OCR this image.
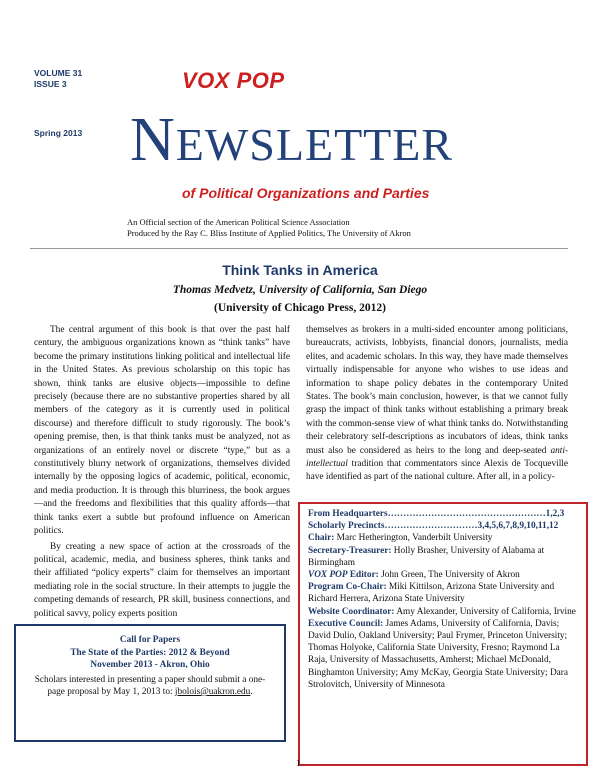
VOLUME 31
ISSUE 3
Spring 2013
VOX POP
NEWSLETTER
of Political Organizations and Parties
An Official section of the American Political Science Association
Produced by the Ray C. Bliss Institute of Applied Politics, The University of Akron
Think Tanks in America
Thomas Medvetz, University of California, San Diego
(University of Chicago Press, 2012)

The central argument of this book is that over the past half century, the ambiguous organizations known as “think tanks” have become the primary institutions linking political and intellectual life in the United States. As previous scholarship on this topic has shown, think tanks are elusive objects—impossible to define precisely (because there are no substantive properties shared by all members of the category as it is currently used in political discourse) and therefore difficult to study rigorously. The book’s opening premise, then, is that think tanks must be analyzed, not as organizations of an entirely novel or discrete “type,” but as a constitutively blurry network of organizations, themselves divided internally by the opposing logics of academic, political, economic, and media production. It is through this blurriness, the book argues—and the freedoms and flexibilities that this quality affords—that think tanks exert a subtle but profound influence on American politics.

By creating a new space of action at the crossroads of the political, academic, media, and business spheres, think tanks and their affiliated “policy experts” claim for themselves an important mediating role in the social structure. In their attempts to juggle the competing demands of research, PR skill, business connections, and political savvy, policy experts position

themselves as brokers in a multi-sided encounter among politicians, bureaucrats, activists, lobbyists, financial donors, journalists, media elites, and academic scholars. In this way, they have made themselves virtually indispensable for anyone who wishes to use ideas and information to shape policy debates in the contemporary United States. The book’s main conclusion, however, is that we cannot fully grasp the impact of think tanks without establishing a primary break with the common-sense view of what think tanks do. Notwithstanding their celebratory self-descriptions as incubators of ideas, think tanks must also be considered as heirs to the long and deep-seated anti-intellectual tradition that commentators since Alexis de Tocqueville have identified as part of the national culture. After all, in a policy-

Call for Papers
The State of the Parties: 2012 & Beyond
November 2013 - Akron, Ohio
Scholars interested in presenting a paper should submit a one-page proposal by May 1, 2013 to: jbolois@uakron.edu.
From Headquarters……………………………………………1,2,3
Scholarly Precincts…………………………3,4,5,6,7,8,9,10,11,12

Chair: Marc Hetherington, Vanderbilt University

Secretary-Treasurer: Holly Brasher, University of Alabama at Birmingham

VOX POP Editor: John Green, The University of Akron

Program Co-Chair: Miki Kittilson, Arizona State University and Richard Herrera, Arizona State University

Website Coordinator: Amy Alexander, University of California, Irvine

Executive Council: James Adams, University of California, Davis; David Dulio, Oakland University; Paul Frymer, Princeton University; Thomas Holyoke, California State University, Fresno; Raymond La Raja, University of Massachusetts, Amherst; Michael McDonald, Binghamton University; Amy McKay, Georgia State University; Dara Strolovitch, University of Minnesota

1
